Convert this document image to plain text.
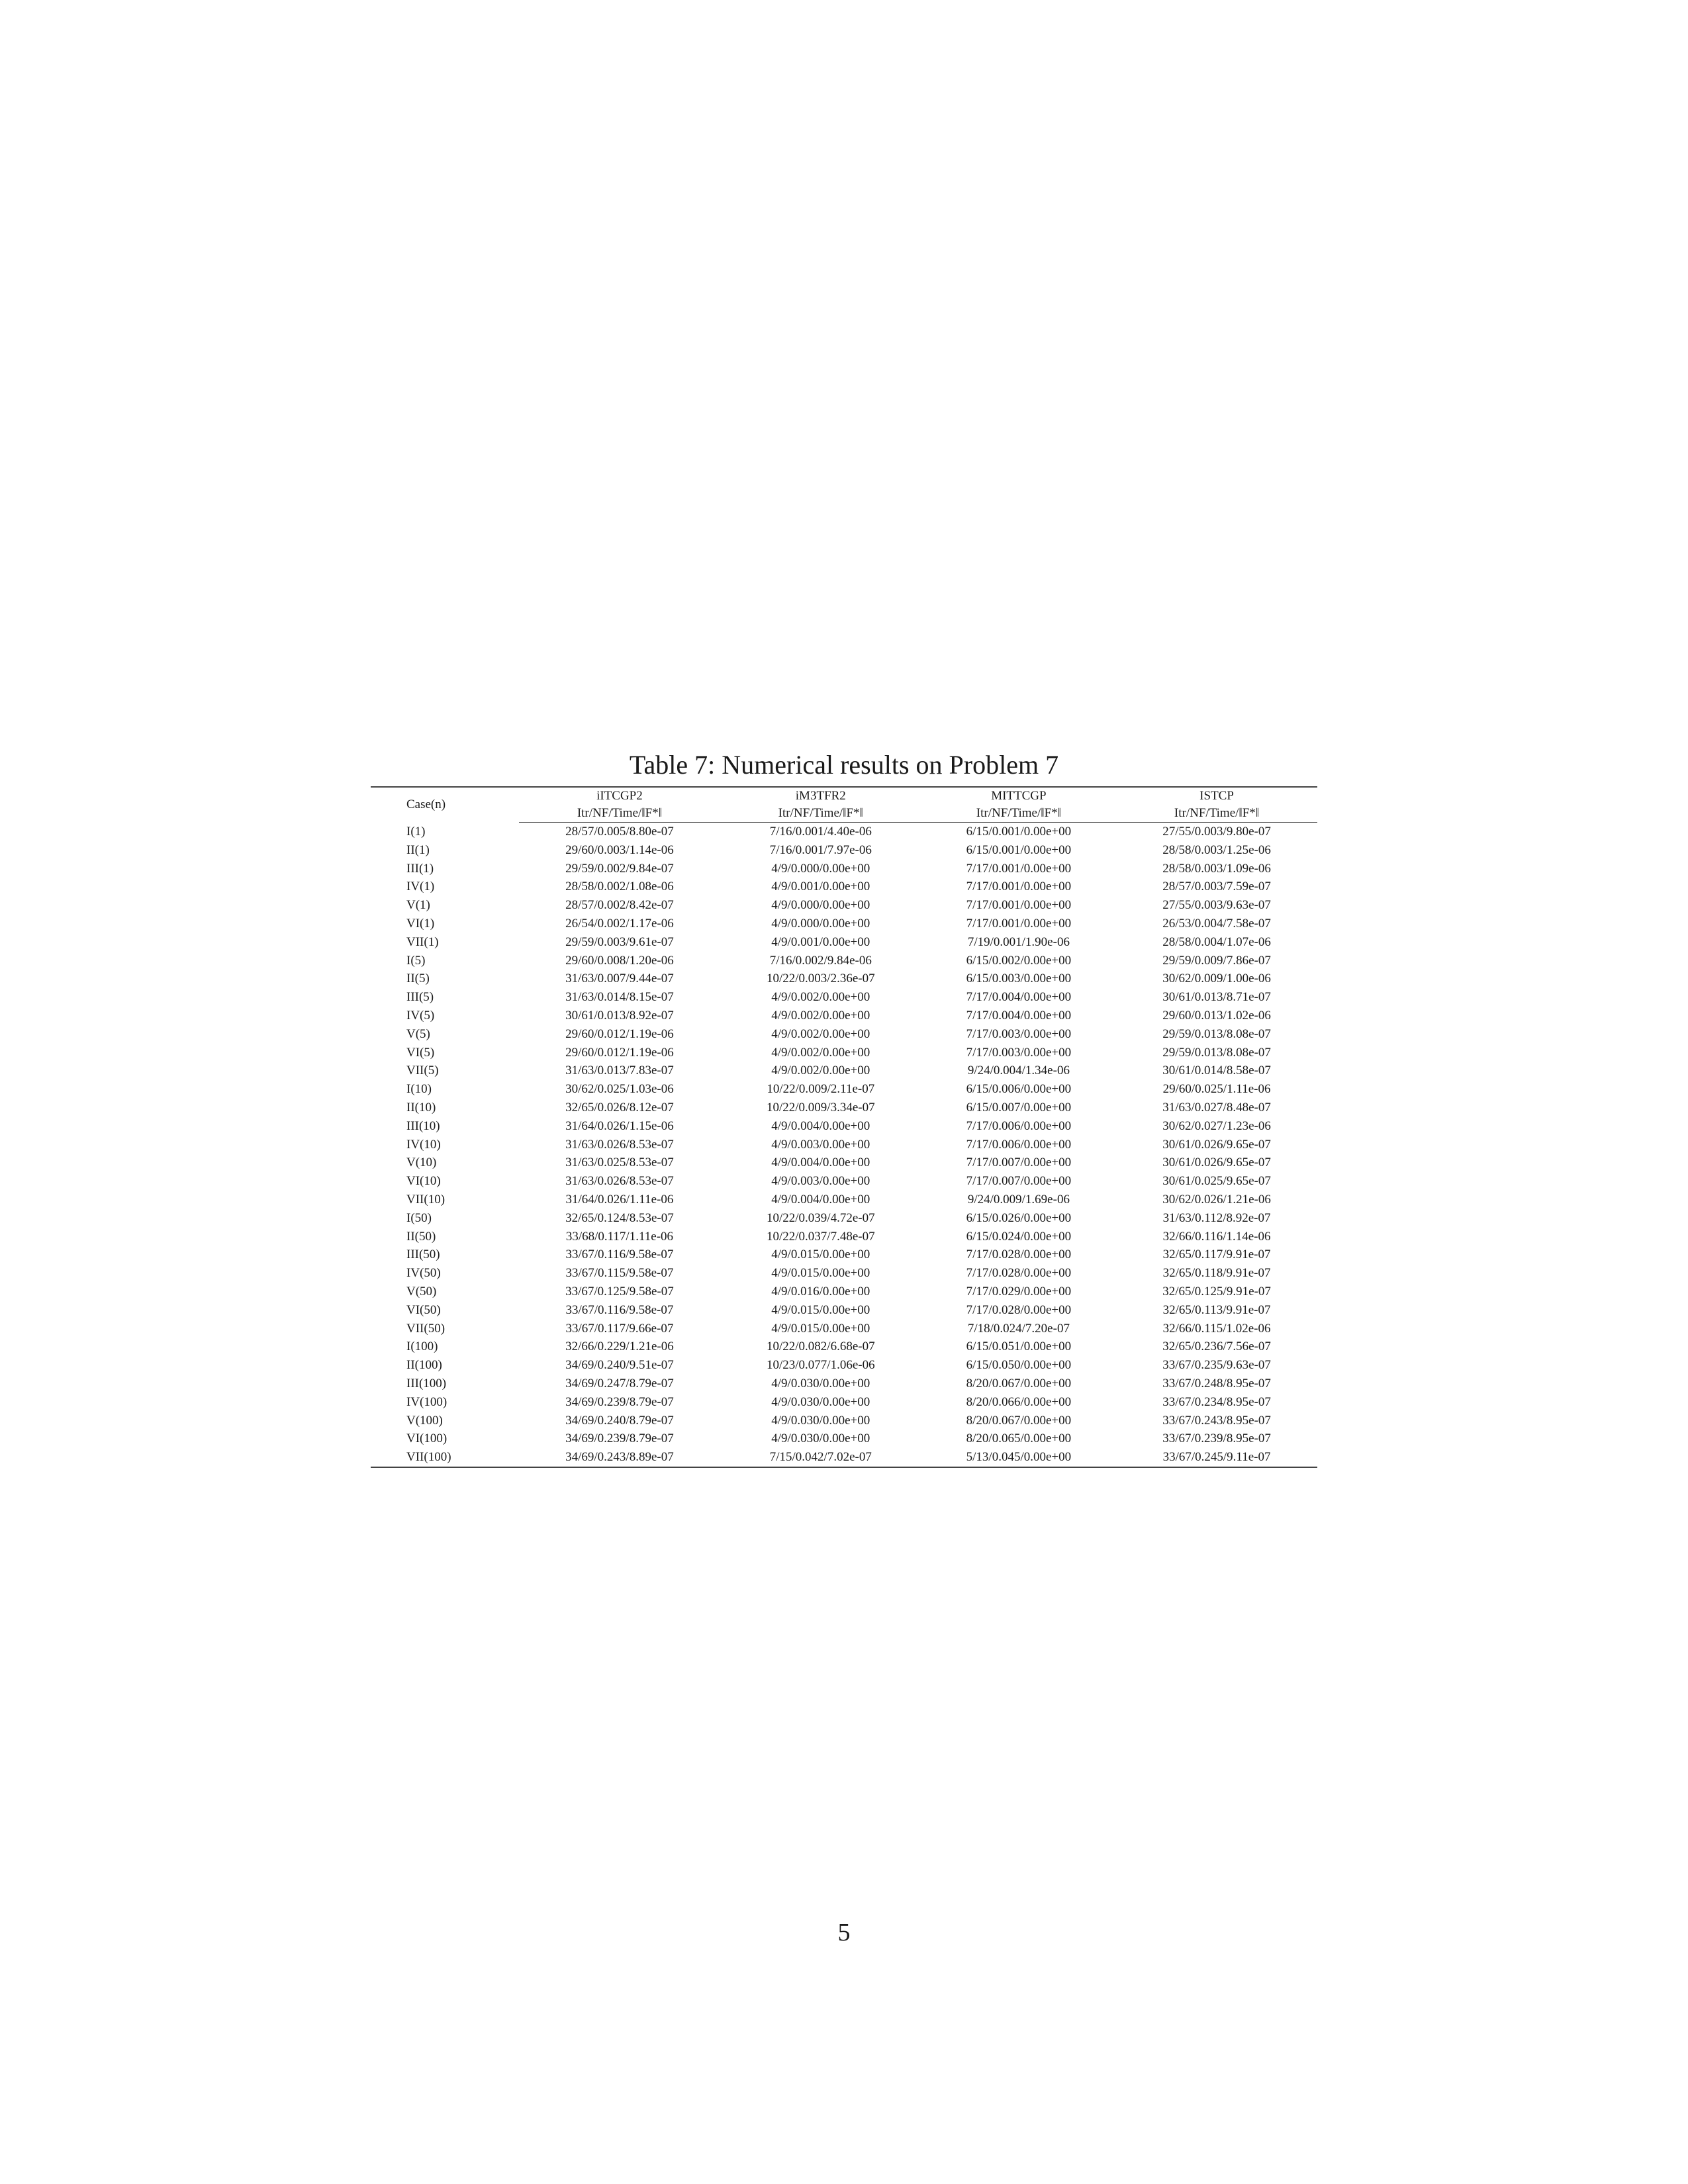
Table 7: Numerical results on Problem 7
Case(n)	iITCGP2	iM3TFR2	MITTCGP	ISTCP
	Itr/NF/Time/‖F*‖	Itr/NF/Time/‖F*‖	Itr/NF/Time/‖F*‖	Itr/NF/Time/‖F*‖
I(1)	28/57/0.005/8.80e-07	7/16/0.001/4.40e-06	6/15/0.001/0.00e+00	27/55/0.003/9.80e-07
II(1)	29/60/0.003/1.14e-06	7/16/0.001/7.97e-06	6/15/0.001/0.00e+00	28/58/0.003/1.25e-06
III(1)	29/59/0.002/9.84e-07	4/9/0.000/0.00e+00	7/17/0.001/0.00e+00	28/58/0.003/1.09e-06
IV(1)	28/58/0.002/1.08e-06	4/9/0.001/0.00e+00	7/17/0.001/0.00e+00	28/57/0.003/7.59e-07
V(1)	28/57/0.002/8.42e-07	4/9/0.000/0.00e+00	7/17/0.001/0.00e+00	27/55/0.003/9.63e-07
VI(1)	26/54/0.002/1.17e-06	4/9/0.000/0.00e+00	7/17/0.001/0.00e+00	26/53/0.004/7.58e-07
VII(1)	29/59/0.003/9.61e-07	4/9/0.001/0.00e+00	7/19/0.001/1.90e-06	28/58/0.004/1.07e-06
I(5)	29/60/0.008/1.20e-06	7/16/0.002/9.84e-06	6/15/0.002/0.00e+00	29/59/0.009/7.86e-07
II(5)	31/63/0.007/9.44e-07	10/22/0.003/2.36e-07	6/15/0.003/0.00e+00	30/62/0.009/1.00e-06
III(5)	31/63/0.014/8.15e-07	4/9/0.002/0.00e+00	7/17/0.004/0.00e+00	30/61/0.013/8.71e-07
IV(5)	30/61/0.013/8.92e-07	4/9/0.002/0.00e+00	7/17/0.004/0.00e+00	29/60/0.013/1.02e-06
V(5)	29/60/0.012/1.19e-06	4/9/0.002/0.00e+00	7/17/0.003/0.00e+00	29/59/0.013/8.08e-07
VI(5)	29/60/0.012/1.19e-06	4/9/0.002/0.00e+00	7/17/0.003/0.00e+00	29/59/0.013/8.08e-07
VII(5)	31/63/0.013/7.83e-07	4/9/0.002/0.00e+00	9/24/0.004/1.34e-06	30/61/0.014/8.58e-07
I(10)	30/62/0.025/1.03e-06	10/22/0.009/2.11e-07	6/15/0.006/0.00e+00	29/60/0.025/1.11e-06
II(10)	32/65/0.026/8.12e-07	10/22/0.009/3.34e-07	6/15/0.007/0.00e+00	31/63/0.027/8.48e-07
III(10)	31/64/0.026/1.15e-06	4/9/0.004/0.00e+00	7/17/0.006/0.00e+00	30/62/0.027/1.23e-06
IV(10)	31/63/0.026/8.53e-07	4/9/0.003/0.00e+00	7/17/0.006/0.00e+00	30/61/0.026/9.65e-07
V(10)	31/63/0.025/8.53e-07	4/9/0.004/0.00e+00	7/17/0.007/0.00e+00	30/61/0.026/9.65e-07
VI(10)	31/63/0.026/8.53e-07	4/9/0.003/0.00e+00	7/17/0.007/0.00e+00	30/61/0.025/9.65e-07
VII(10)	31/64/0.026/1.11e-06	4/9/0.004/0.00e+00	9/24/0.009/1.69e-06	30/62/0.026/1.21e-06
I(50)	32/65/0.124/8.53e-07	10/22/0.039/4.72e-07	6/15/0.026/0.00e+00	31/63/0.112/8.92e-07
II(50)	33/68/0.117/1.11e-06	10/22/0.037/7.48e-07	6/15/0.024/0.00e+00	32/66/0.116/1.14e-06
III(50)	33/67/0.116/9.58e-07	4/9/0.015/0.00e+00	7/17/0.028/0.00e+00	32/65/0.117/9.91e-07
IV(50)	33/67/0.115/9.58e-07	4/9/0.015/0.00e+00	7/17/0.028/0.00e+00	32/65/0.118/9.91e-07
V(50)	33/67/0.125/9.58e-07	4/9/0.016/0.00e+00	7/17/0.029/0.00e+00	32/65/0.125/9.91e-07
VI(50)	33/67/0.116/9.58e-07	4/9/0.015/0.00e+00	7/17/0.028/0.00e+00	32/65/0.113/9.91e-07
VII(50)	33/67/0.117/9.66e-07	4/9/0.015/0.00e+00	7/18/0.024/7.20e-07	32/66/0.115/1.02e-06
I(100)	32/66/0.229/1.21e-06	10/22/0.082/6.68e-07	6/15/0.051/0.00e+00	32/65/0.236/7.56e-07
II(100)	34/69/0.240/9.51e-07	10/23/0.077/1.06e-06	6/15/0.050/0.00e+00	33/67/0.235/9.63e-07
III(100)	34/69/0.247/8.79e-07	4/9/0.030/0.00e+00	8/20/0.067/0.00e+00	33/67/0.248/8.95e-07
IV(100)	34/69/0.239/8.79e-07	4/9/0.030/0.00e+00	8/20/0.066/0.00e+00	33/67/0.234/8.95e-07
V(100)	34/69/0.240/8.79e-07	4/9/0.030/0.00e+00	8/20/0.067/0.00e+00	33/67/0.243/8.95e-07
VI(100)	34/69/0.239/8.79e-07	4/9/0.030/0.00e+00	8/20/0.065/0.00e+00	33/67/0.239/8.95e-07
VII(100)	34/69/0.243/8.89e-07	7/15/0.042/7.02e-07	5/13/0.045/0.00e+00	33/67/0.245/9.11e-07
5
